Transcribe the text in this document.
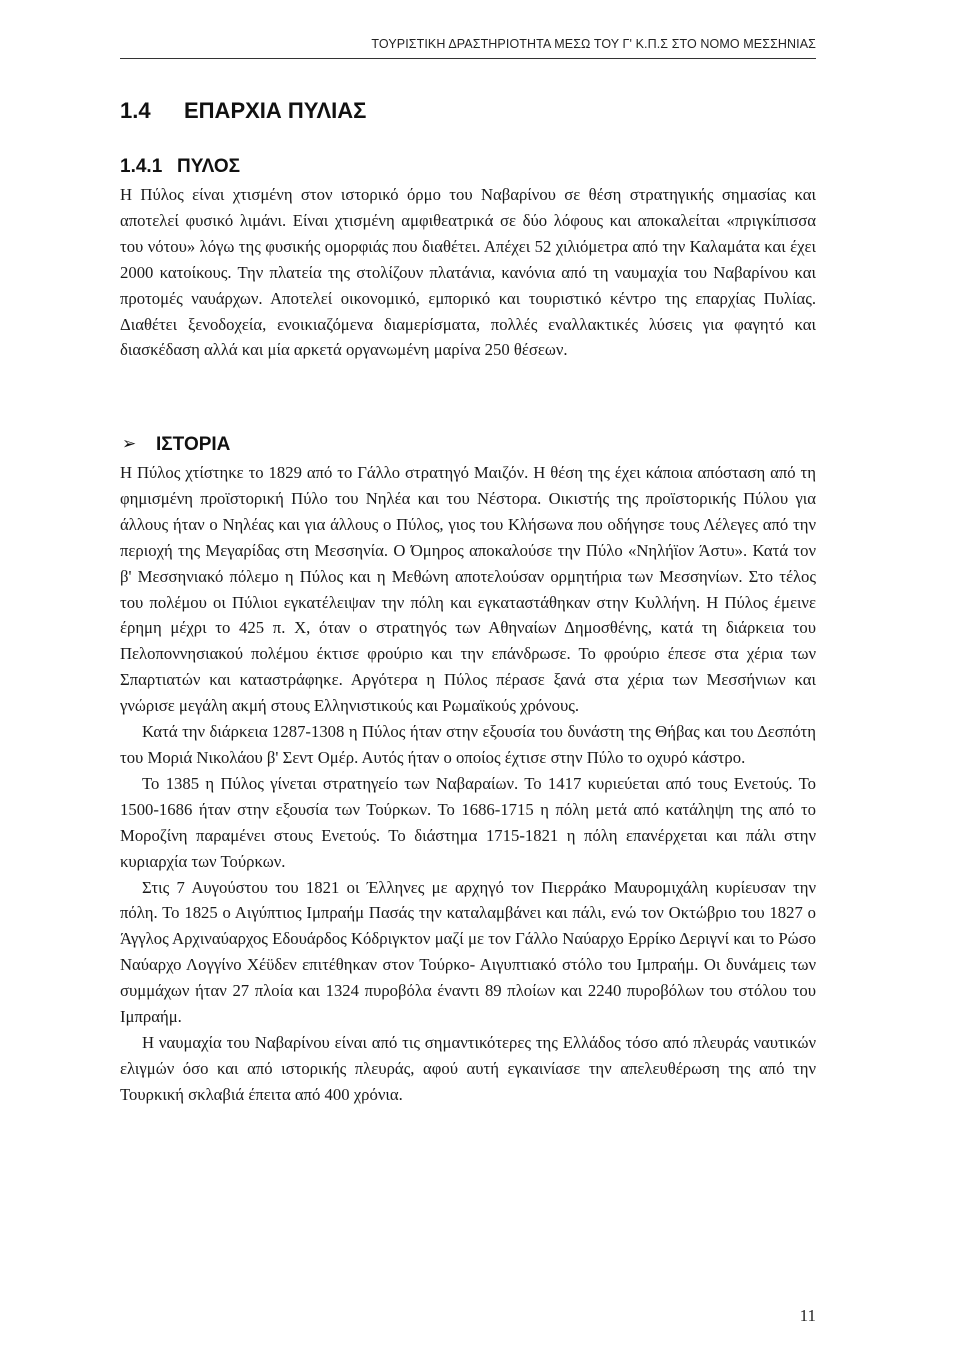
ΤΟΥΡΙΣΤΙΚΗ ΔΡΑΣΤΗΡΙΟΤΗΤΑ ΜΕΣΩ ΤΟΥ Γ' Κ.Π.Σ ΣΤΟ ΝΟΜΟ ΜΕΣΣΗΝΙΑΣ
1.4 ΕΠΑΡΧΙΑ ΠΥΛΙΑΣ
1.4.1 ΠΥΛΟΣ

Η Πύλος είναι χτισμένη στον ιστορικό όρμο του Ναβαρίνου σε θέση στρατηγικής σημασίας και αποτελεί φυσικό λιμάνι. Είναι χτισμένη αμφιθεατρικά σε δύο λόφους και αποκαλείται «πριγκίπισσα του νότου» λόγω της φυσικής ομορφιάς που διαθέτει. Απέχει 52 χιλιόμετρα από την Καλαμάτα και έχει 2000 κατοίκους. Την πλατεία της στολίζουν πλατάνια, κανόνια από τη ναυμαχία του Ναβαρίνου και προτομές ναυάρχων. Αποτελεί οικονομικό, εμπορικό και τουριστικό κέντρο της επαρχίας Πυλίας. Διαθέτει ξενοδοχεία, ενοικιαζόμενα διαμερίσματα, πολλές εναλλακτικές λύσεις για φαγητό και διασκέδαση αλλά και μία αρκετά οργανωμένη μαρίνα 250 θέσεων.

➢ ΙΣΤΟΡΙΑ

Η Πύλος χτίστηκε το 1829 από το Γάλλο στρατηγό Μαιζόν. Η θέση της έχει κάποια απόσταση από τη φημισμένη προϊστορική Πύλο του Νηλέα και του Νέστορα. Οικιστής της προϊστορικής Πύλου για άλλους ήταν ο Νηλέας και για άλλους ο Πύλος, γιος του Κλήσωνα που οδήγησε τους Λέλεγες από την περιοχή της Μεγαρίδας στη Μεσσηνία. Ο Όμηρος αποκαλούσε την Πύλο «Νηλήϊον Άστυ». Κατά τον β' Μεσσηνιακό πόλεμο η Πύλος και η Μεθώνη αποτελούσαν ορμητήρια των Μεσσηνίων. Στο τέλος του πολέμου οι Πύλιοι εγκατέλειψαν την πόλη και εγκαταστάθηκαν στην Κυλλήνη. Η Πύλος έμεινε έρημη μέχρι το 425 π. Χ, όταν ο στρατηγός των Αθηναίων Δημοσθένης, κατά τη διάρκεια του Πελοποννησιακού πολέμου έκτισε φρούριο και την επάνδρωσε. Το φρούριο έπεσε στα χέρια των Σπαρτιατών και καταστράφηκε. Αργότερα η Πύλος πέρασε ξανά στα χέρια των Μεσσήνιων και γνώρισε μεγάλη ακμή στους Ελληνιστικούς και Ρωμαϊκούς χρόνους.

Κατά την διάρκεια 1287-1308 η Πύλος ήταν στην εξουσία του δυνάστη της Θήβας και του Δεσπότη του Μοριά Νικολάου β' Σεντ Ομέρ. Αυτός ήταν ο οποίος έχτισε στην Πύλο το οχυρό κάστρο.

Το 1385 η Πύλος γίνεται στρατηγείο των Ναβαραίων. Το 1417 κυριεύεται από τους Ενετούς. Το 1500-1686 ήταν στην εξουσία των Τούρκων. Το 1686-1715 η πόλη μετά από κατάληψη της από το Μοροζίνη παραμένει στους Ενετούς. Το διάστημα 1715-1821 η πόλη επανέρχεται και πάλι στην κυριαρχία των Τούρκων.

Στις 7 Αυγούστου του 1821 οι Έλληνες με αρχηγό τον Πιερράκο Μαυρομιχάλη κυρίευσαν την πόλη. Το 1825 ο Αιγύπτιος Ιμπραήμ Πασάς την καταλαμβάνει και πάλι, ενώ τον Οκτώβριο του 1827 ο Άγγλος Αρχιναύαρχος Εδουάρδος Κόδριγκτον μαζί με τον Γάλλο Ναύαρχο Ερρίκο Δεριγνί και το Ρώσο Ναύαρχο Λογγίνο Χέϋδεν επιτέθηκαν στον Τούρκο- Αιγυπτιακό στόλο του Ιμπραήμ. Οι δυνάμεις των συμμάχων ήταν 27 πλοία και 1324 πυροβόλα έναντι 89 πλοίων και 2240 πυροβόλων του στόλου του Ιμπραήμ.

Η ναυμαχία του Ναβαρίνου είναι από τις σημαντικότερες της Ελλάδος τόσο από πλευράς ναυτικών ελιγμών όσο και από ιστορικής πλευράς, αφού αυτή εγκαινίασε την απελευθέρωση της από την Τουρκική σκλαβιά έπειτα από 400 χρόνια.

11
